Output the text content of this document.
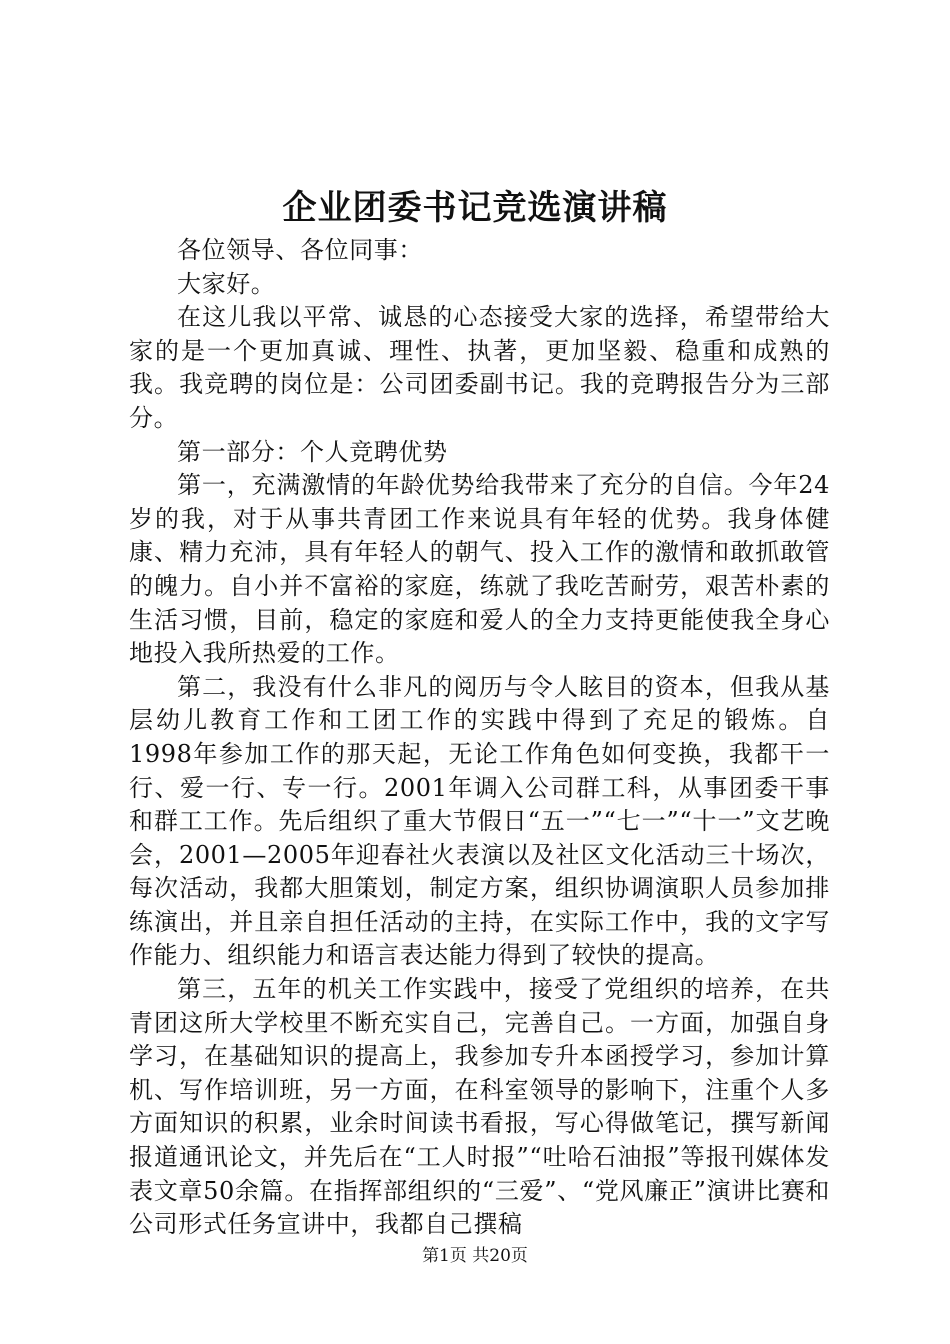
企业团委书记竞选演讲稿

各位领导、各位同事：

大家好。

在这儿我以平常、诚恳的心态接受大家的选择，希望带给大家的是一个更加真诚、理性、执著，更加坚毅、稳重和成熟的我。我竞聘的岗位是：公司团委副书记。我的竞聘报告分为三部分。

第一部分：个人竞聘优势

第一，充满激情的年龄优势给我带来了充分的自信。今年24岁的我，对于从事共青团工作来说具有年轻的优势。我身体健康、精力充沛，具有年轻人的朝气、投入工作的激情和敢抓敢管的魄力。自小并不富裕的家庭，练就了我吃苦耐劳，艰苦朴素的生活习惯，目前，稳定的家庭和爱人的全力支持更能使我全身心地投入我所热爱的工作。

第二，我没有什么非凡的阅历与令人眩目的资本，但我从基层幼儿教育工作和工团工作的实践中得到了充足的锻炼。自1998年参加工作的那天起，无论工作角色如何变换，我都干一行、爱一行、专一行。2001年调入公司群工科，从事团委干事和群工工作。先后组织了重大节假日“五一”“七一”“十一”文艺晚会，2001—2005年迎春社火表演以及社区文化活动三十场次，每次活动，我都大胆策划，制定方案，组织协调演职人员参加排练演出，并且亲自担任活动的主持，在实际工作中，我的文字写作能力、组织能力和语言表达能力得到了较快的提高。

第三，五年的机关工作实践中，接受了党组织的培养，在共青团这所大学校里不断充实自己，完善自己。一方面，加强自身学习，在基础知识的提高上，我参加专升本函授学习，参加计算机、写作培训班，另一方面，在科室领导的影响下，注重个人多方面知识的积累，业余时间读书看报，写心得做笔记，撰写新闻报道通讯论文，并先后在“工人时报”“吐哈石油报”等报刊媒体发表文章50余篇。在指挥部组织的“三爱”、“党风廉正”演讲比赛和公司形式任务宣讲中，我都自己撰稿

第1页 共20页
